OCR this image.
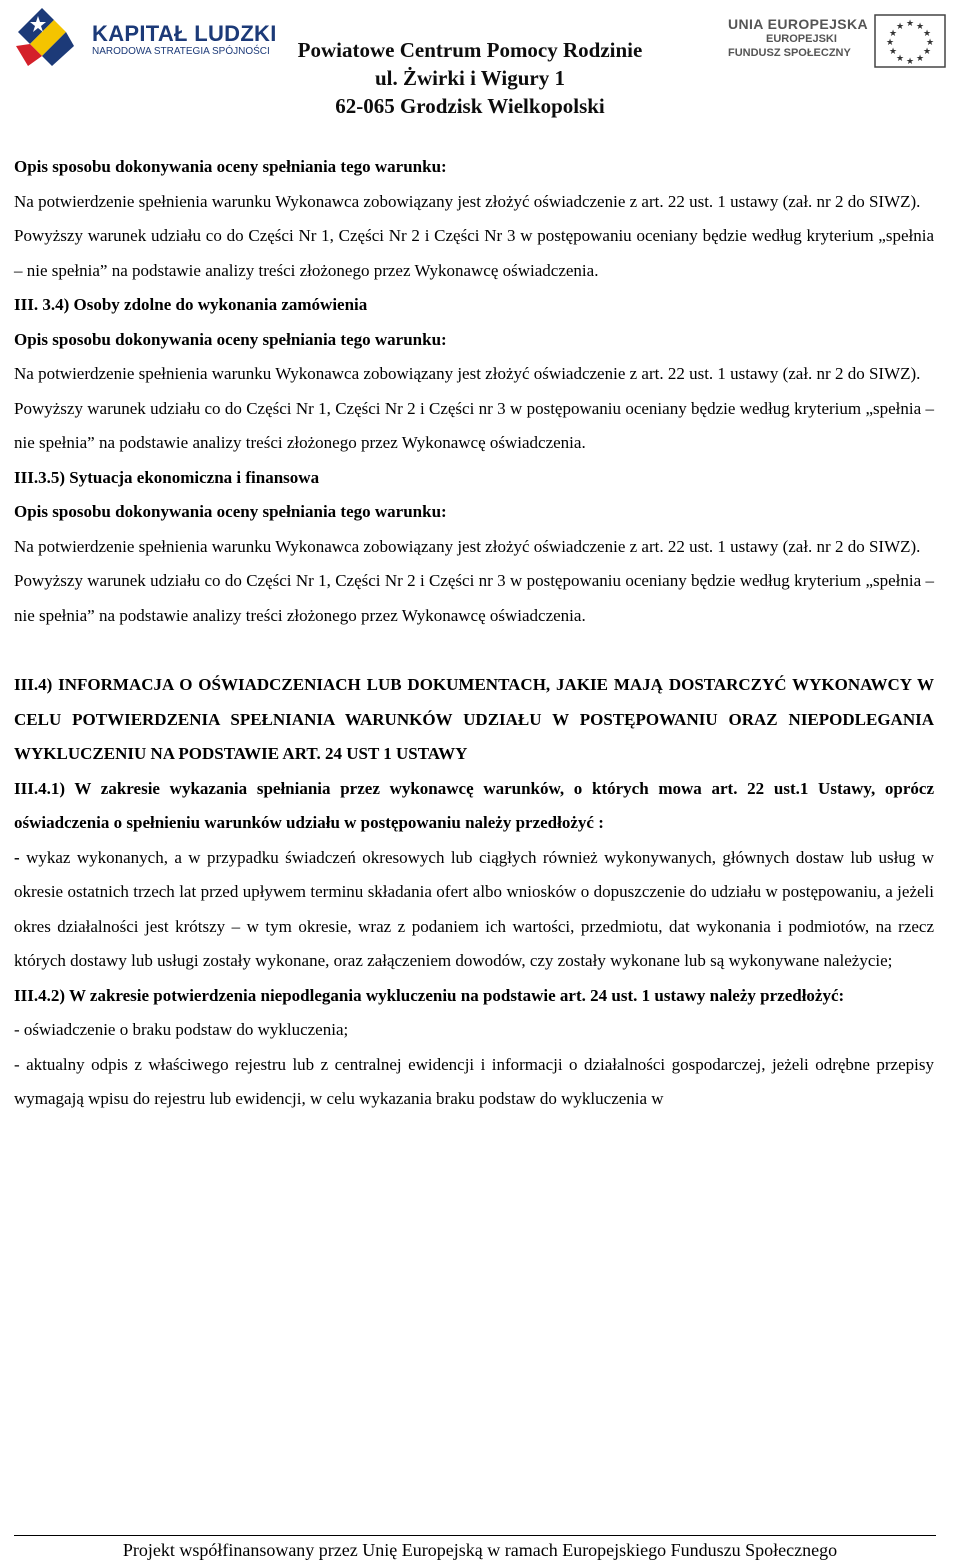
KAPITAŁ LUDZKI
NARODOWA STRATEGIA SPÓJNOŚCI	Powiatowe Centrum Pomocy Rodzinie
ul. Żwirki i Wigury 1
62-065 Grodzisk Wielkopolski
UNIA EUROPEJSKA
EUROPEJSKI
FUNDUSZ SPOŁECZNY
★ ★
★
★
★
★
★
★
★
★
★
★

Opis sposobu dokonywania oceny spełniania tego warunku:

Na potwierdzenie spełnienia warunku Wykonawca zobowiązany jest złożyć oświadczenie z art. 22 ust. 1 ustawy (zał. nr 2 do SIWZ).

Powyższy warunek udziału co do Części Nr 1, Części Nr 2 i Części Nr 3 w postępowaniu oceniany będzie według kryterium „spełnia – nie spełnia” na podstawie analizy treści złożonego przez Wykonawcę oświadczenia.

III. 3.4) Osoby zdolne do wykonania zamówienia

Opis sposobu dokonywania oceny spełniania tego warunku:

Na potwierdzenie spełnienia warunku Wykonawca zobowiązany jest złożyć oświadczenie z art. 22 ust. 1 ustawy (zał. nr 2 do SIWZ).

Powyższy warunek udziału co do Części Nr 1, Części Nr 2 i Części nr 3 w postępowaniu oceniany będzie według kryterium „spełnia – nie spełnia” na podstawie analizy treści złożonego przez Wykonawcę oświadczenia.

III.3.5) Sytuacja ekonomiczna i finansowa

Opis sposobu dokonywania oceny spełniania tego warunku:

Na potwierdzenie spełnienia warunku Wykonawca zobowiązany jest złożyć oświadczenie z art. 22 ust. 1 ustawy (zał. nr 2 do SIWZ).

Powyższy warunek udziału co do Części Nr 1, Części Nr 2 i Części nr 3 w postępowaniu oceniany będzie według kryterium „spełnia – nie spełnia” na podstawie analizy treści złożonego przez Wykonawcę oświadczenia.

III.4) INFORMACJA O OŚWIADCZENIACH LUB DOKUMENTACH, JAKIE MAJĄ DOSTARCZYĆ WYKONAWCY W CELU POTWIERDZENIA SPEŁNIANIA WARUNKÓW UDZIAŁU W POSTĘPOWANIU ORAZ NIEPODLEGANIA WYKLUCZENIU NA PODSTAWIE ART. 24 UST 1 USTAWY

III.4.1) W zakresie wykazania spełniania przez wykonawcę warunków, o których mowa art. 22 ust.1 Ustawy, oprócz oświadczenia o spełnieniu warunków udziału w postępowaniu należy przedłożyć :

- wykaz wykonanych, a w przypadku świadczeń okresowych lub ciągłych również wykonywanych, głównych dostaw lub usług w okresie ostatnich trzech lat przed upływem terminu składania ofert albo wniosków o dopuszczenie do udziału w postępowaniu, a jeżeli okres działalności jest krótszy – w tym okresie, wraz z podaniem ich wartości, przedmiotu, dat wykonania i podmiotów, na rzecz których dostawy lub usługi zostały wykonane, oraz załączeniem dowodów, czy zostały wykonane lub są wykonywane należycie;

III.4.2) W zakresie potwierdzenia niepodlegania wykluczeniu na podstawie art. 24 ust. 1 ustawy należy przedłożyć:

- oświadczenie o braku podstaw do wykluczenia;

- aktualny odpis z właściwego rejestru lub z centralnej ewidencji i informacji o działalności gospodarczej, jeżeli odrębne przepisy wymagają wpisu do rejestru lub ewidencji, w celu wykazania braku podstaw do wykluczenia w

Projekt współfinansowany przez Unię Europejską w ramach Europejskiego Funduszu Społecznego
